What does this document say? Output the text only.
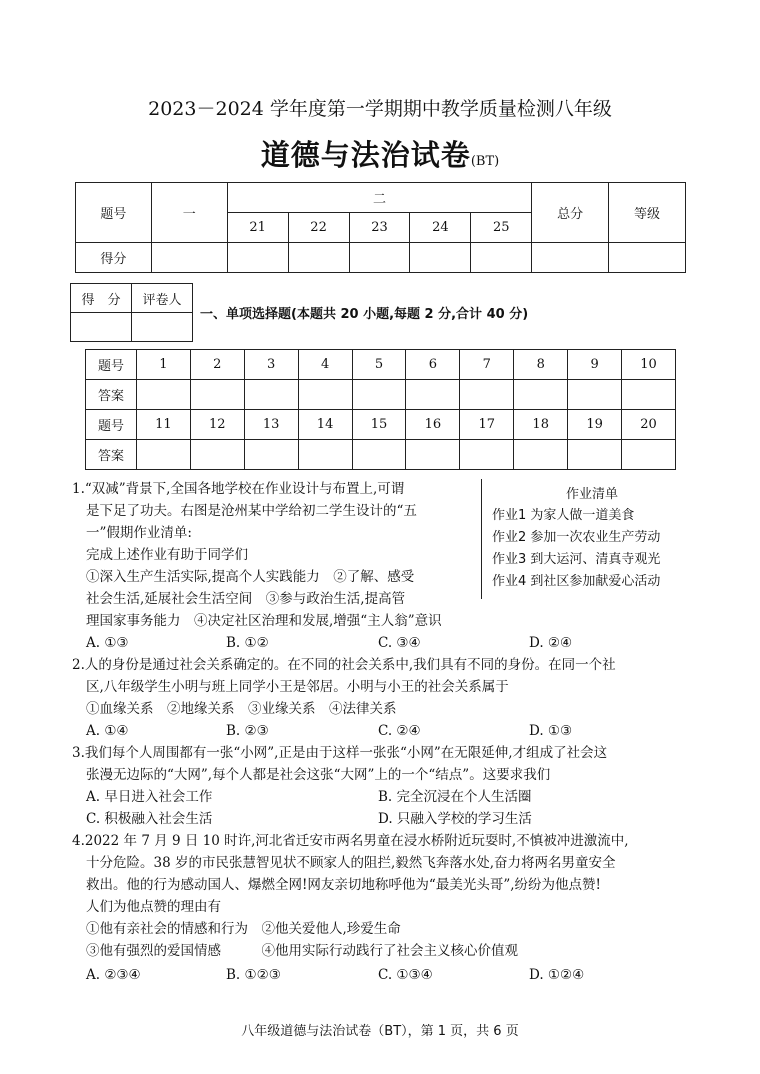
2023－2024 学年度第一学期期中教学质量检测八年级
道德与法治试卷(BT)
题号	一	二					总分	等级
		21	22	23	24	25		
得分								
得　分	评卷人

一、单项选择题(本题共 20 小题,每题 2 分,合计 40 分)
题号	1	2	3	4	5	6	7	8	9	10
答案										
题号	11	12	13	14	15	16	17	18	19	20
答案										
1.“双减”背景下,全国各地学校在作业设计与布置上,可谓
是下足了功夫。右图是沧州某中学给初二学生设计的“五
一”假期作业清单:
完成上述作业有助于同学们
①深入生产生活实际,提高个人实践能力　②了解、感受
社会生活,延展社会生活空间　③参与政治生活,提高管
理国家事务能力　④决定社区治理和发展,增强“主人翁”意识
A. ①③	B. ①②	C. ③④	D. ②④
作业清单
作业1 为家人做一道美食
作业2 参加一次农业生产劳动
作业3 到大运河、清真寺观光
作业4 到社区参加献爱心活动
2.人的身份是通过社会关系确定的。在不同的社会关系中,我们具有不同的身份。在同一个社
区,八年级学生小明与班上同学小王是邻居。小明与小王的社会关系属于
①血缘关系　②地缘关系　③业缘关系　④法律关系
A. ①④	B. ②③	C. ②④	D. ①③
3.我们每个人周围都有一张“小网”,正是由于这样一张张“小网”在无限延伸,才组成了社会这
张漫无边际的“大网”,每个人都是社会这张“大网”上的一个“结点”。这要求我们
A. 早日进入社会工作	B. 完全沉浸在个人生活圈
C. 积极融入社会生活	D. 只融入学校的学习生活
4.2022 年 7 月 9 日 10 时许,河北省迁安市两名男童在浸水桥附近玩耍时,不慎被冲进激流中,
十分危险。38 岁的市民张慧智见状不顾家人的阻拦,毅然飞奔落水处,奋力将两名男童安全
救出。他的行为感动国人、爆燃全网!网友亲切地称呼他为“最美光头哥”,纷纷为他点赞!
人们为他点赞的理由有
①他有亲社会的情感和行为　②他关爱他人,珍爱生命
③他有强烈的爱国情感　　　④他用实际行动践行了社会主义核心价值观
A. ②③④	B. ①②③	C. ①③④	D. ①②④
八年级道德与法治试卷（BT），第 1 页，共 6 页
